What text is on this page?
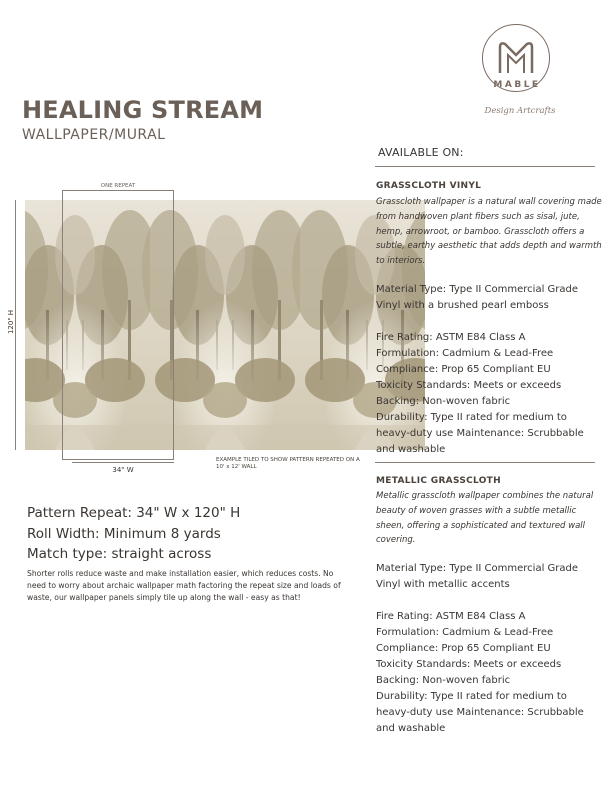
MABLE
Design Artcrafts
HEALING STREAM
WALLPAPER/MURAL
ONE REPEAT
120" H
34" W
EXAMPLE TILED TO SHOW PATTERN REPEATED ON A 10' x 12' WALL
Pattern Repeat: 34" W x 120" H
Roll Width: Minimum 8 yards
Match type: straight across
Shorter rolls reduce waste and make installation easier, which reduces costs. No need to worry about archaic wallpaper math factoring the repeat size and loads of waste, our wallpaper panels simply tile up along the wall - easy as that!
AVAILABLE ON:
GRASSCLOTH VINYL
Grasscloth wallpaper is a natural wall covering made from handwoven plant fibers such as sisal, jute, hemp, arrowroot, or bamboo. Grasscloth offers a subtle, earthy aesthetic that adds depth and warmth to interiors.
Material Type: Type II Commercial Grade Vinyl with a brushed pearl emboss
Fire Rating: ASTM E84 Class A
Formulation: Cadmium & Lead-Free
Compliance: Prop 65 Compliant EU
Toxicity Standards: Meets or exceeds
Backing: Non-woven fabric
Durability: Type II rated for medium to heavy-duty use Maintenance: Scrubbable and washable
METALLIC GRASSCLOTH
Metallic grasscloth wallpaper combines the natural beauty of woven grasses with a subtle metallic sheen, offering a sophisticated and textured wall covering.
Material Type: Type II Commercial Grade Vinyl with metallic accents
Fire Rating: ASTM E84 Class A
Formulation: Cadmium & Lead-Free
Compliance: Prop 65 Compliant EU
Toxicity Standards: Meets or exceeds
Backing: Non-woven fabric
Durability: Type II rated for medium to heavy-duty use Maintenance: Scrubbable and washable
